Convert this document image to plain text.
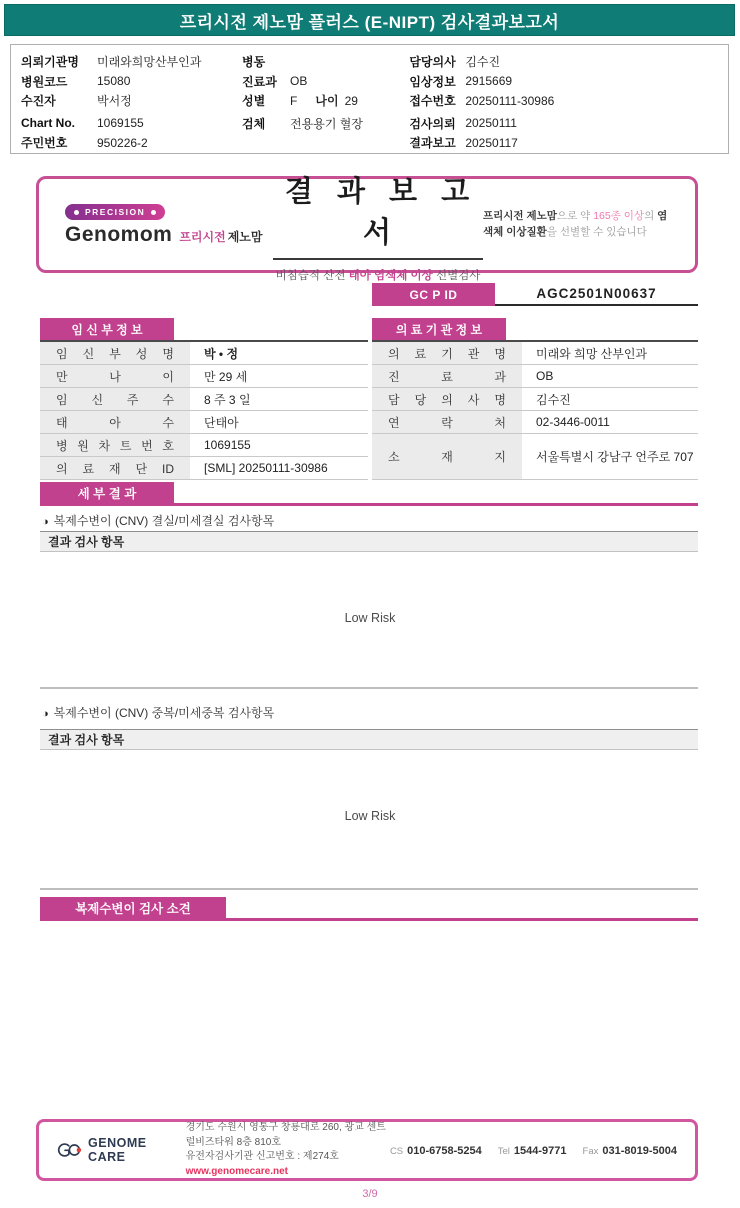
프리시전 제노맘 플러스 (E-NIPT) 검사결과보고서
의뢰기관명	미래와희망산부인과
병원코드	15080
수진자	박서정
Chart No.	1069155
주민번호	950226-2
병동
진료과	OB
성별	F 나이 29
검체	전용용기 혈장
담당의사 김수진
임상정보 2915669
접수번호 20250111-30986
검사의뢰 20250111
결과보고 20250117
PRECISION
Genomom 프리시전 제노맘
결 과 보 고 서
비침습적 산전 태아 염색체 이상 선별검사
프리시전 제노맘으로 약 165종 이상의 염색체 이상질환을 선별할 수 있습니다
GC P ID	AGC2501N00637
임 신 부 정 보
임 신 부 성 명	박 • 정
만 나 이	만 29 세
임 신 주 수	8 주 3 일
태 아 수	단태아
병 원 차 트 번 호	1069155
의 료 재 단 ID	[SML] 20250111-30986
의 료 기 관 정 보
의 료 기 관 명	미래와 희망 산부인과
진 료 과	OB
담 당 의 사 명	김수진
연 락 처	02-3446-0011
소 재 지	서울특별시 강남구 언주로 707
세 부 결 과
◑ 복제수변이 (CNV) 결실/미세결실 검사항목
결과 검사 항목
Low Risk
◑ 복제수변이 (CNV) 중복/미세중복 검사항목
결과 검사 항목
Low Risk
복제수변이 검사 소견
GENOME CARE
경기도 수원시 영통구 창룡대로 260, 광교 센트럴비즈타워 8층 810호
유전자검사기관 신고번호 : 제274호
www.genomecare.net
CS 010-6758-5254 Tel 1544-9771 Fax 031-8019-5004
3/9
